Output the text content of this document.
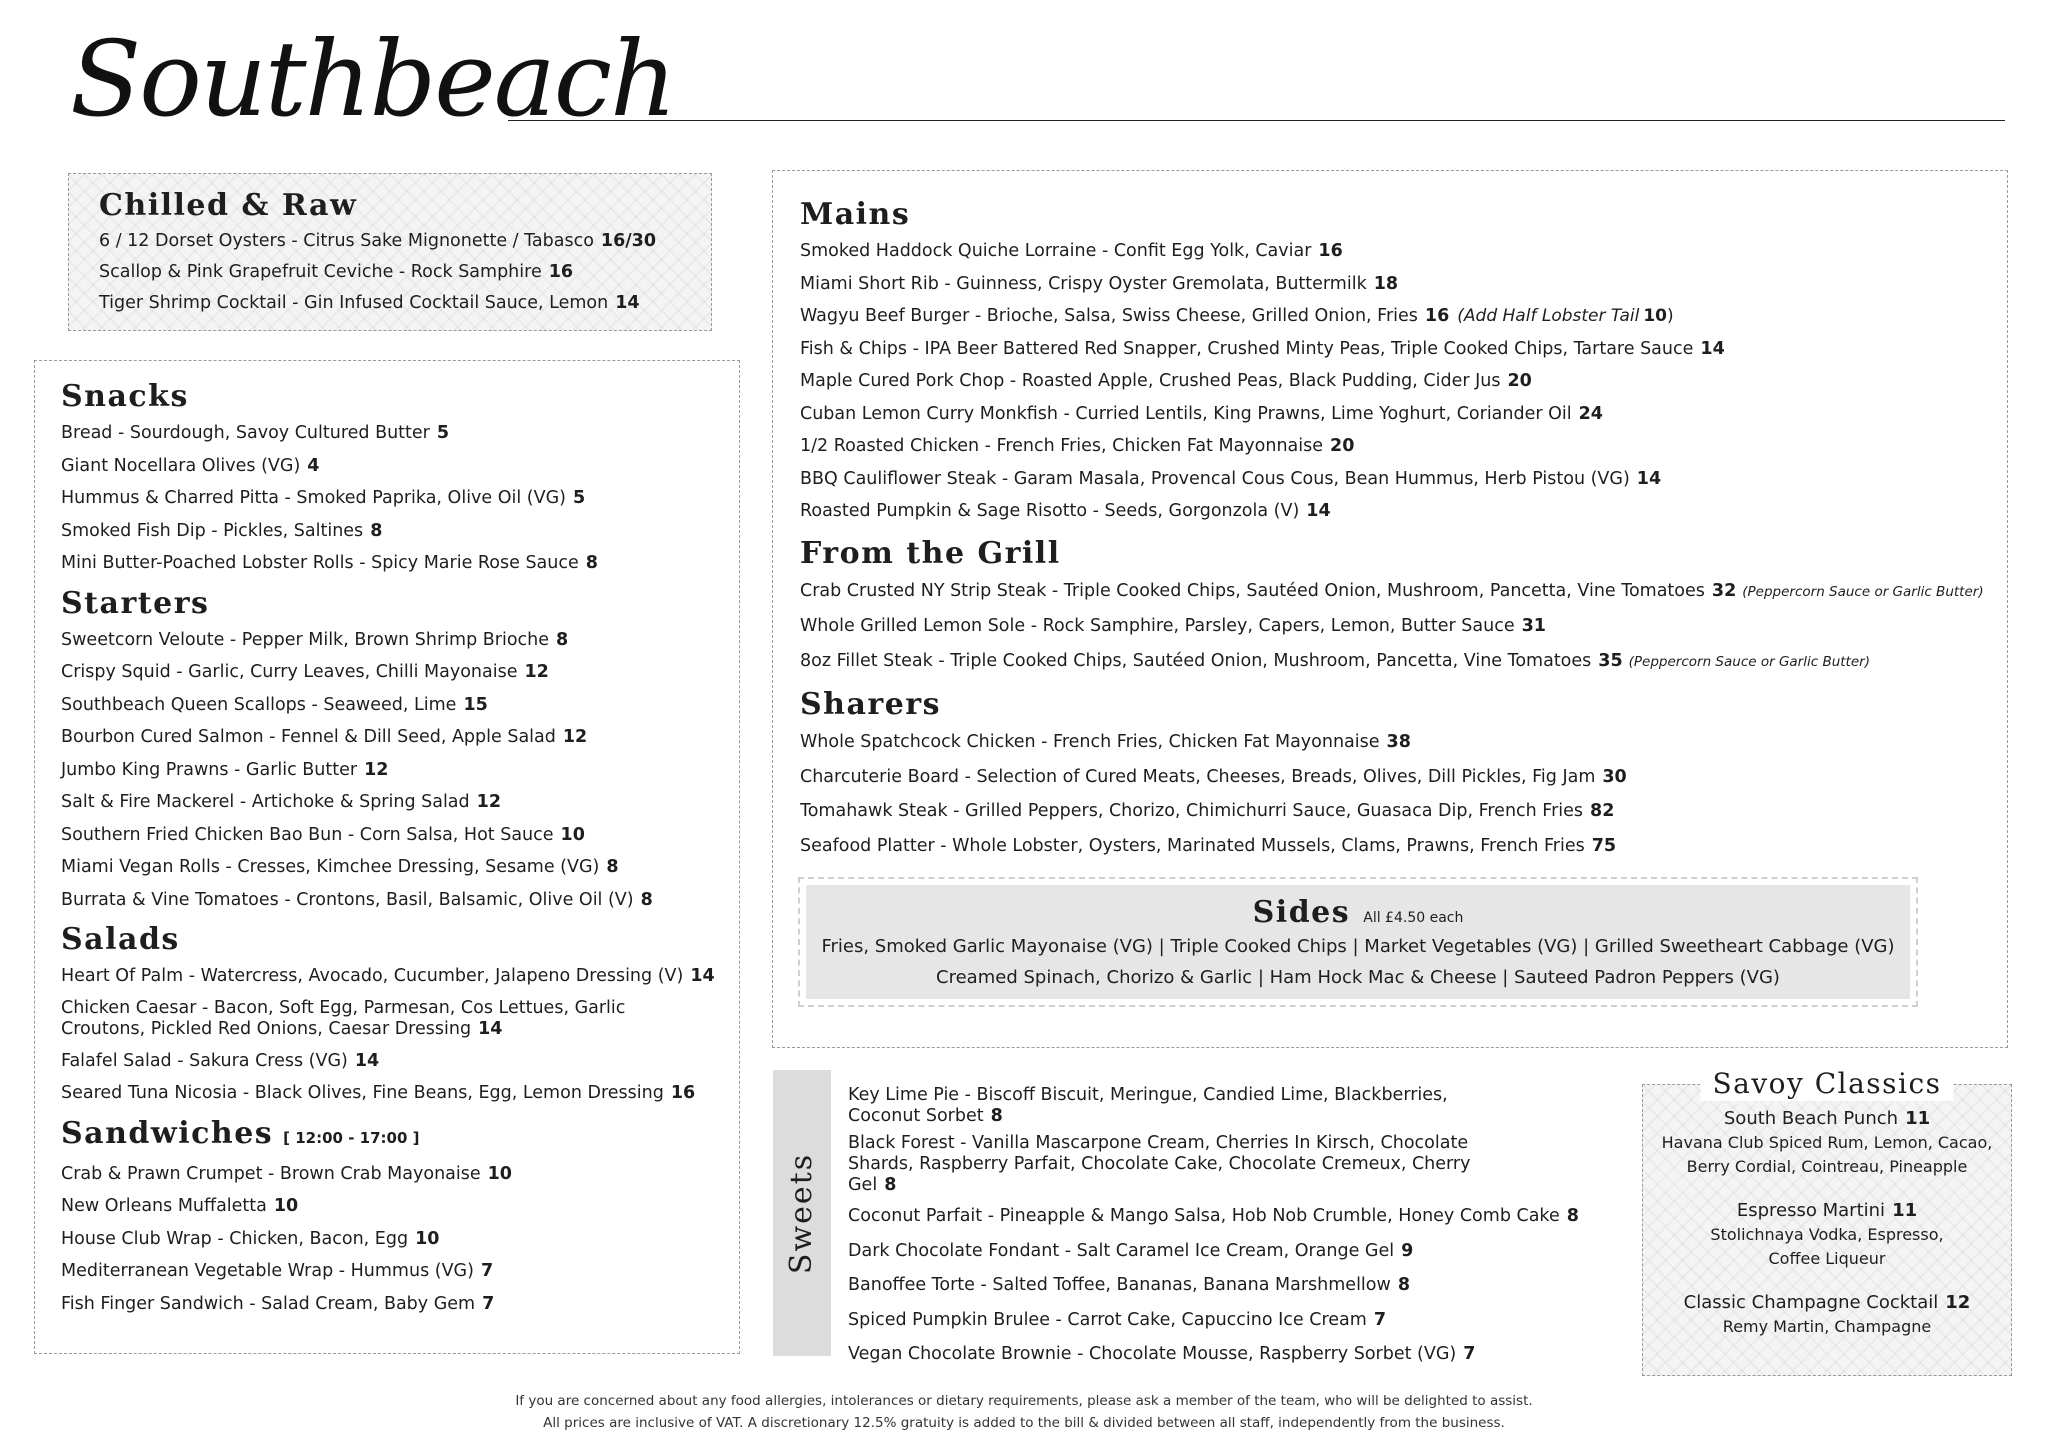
Southbeach
Chilled & Raw
6 / 12 Dorset Oysters - Citrus Sake Mignonette / Tabasco 16/30
Scallop & Pink Grapefruit Ceviche - Rock Samphire 16
Tiger Shrimp Cocktail - Gin Infused Cocktail Sauce, Lemon 14
Snacks
Bread - Sourdough, Savoy Cultured Butter 5
Giant Nocellara Olives (VG) 4
Hummus & Charred Pitta - Smoked Paprika, Olive Oil (VG) 5
Smoked Fish Dip - Pickles, Saltines 8
Mini Butter-Poached Lobster Rolls - Spicy Marie Rose Sauce 8
Starters
Sweetcorn Veloute - Pepper Milk, Brown Shrimp Brioche 8
Crispy Squid - Garlic, Curry Leaves, Chilli Mayonaise 12
Southbeach Queen Scallops - Seaweed, Lime 15
Bourbon Cured Salmon - Fennel & Dill Seed, Apple Salad 12
Jumbo King Prawns - Garlic Butter 12
Salt & Fire Mackerel - Artichoke & Spring Salad 12
Southern Fried Chicken Bao Bun - Corn Salsa, Hot Sauce 10
Miami Vegan Rolls - Cresses, Kimchee Dressing, Sesame (VG) 8
Burrata & Vine Tomatoes - Crontons, Basil, Balsamic, Olive Oil (V) 8
Salads
Heart Of Palm - Watercress, Avocado, Cucumber, Jalapeno Dressing (V) 14
Chicken Caesar - Bacon, Soft Egg, Parmesan, Cos Lettues, Garlic Croutons, Pickled Red Onions, Caesar Dressing 14
Falafel Salad - Sakura Cress (VG) 14
Seared Tuna Nicosia - Black Olives, Fine Beans, Egg, Lemon Dressing 16
Sandwiches [ 12:00 - 17:00 ]
Crab & Prawn Crumpet - Brown Crab Mayonaise 10
New Orleans Muffaletta 10
House Club Wrap - Chicken, Bacon, Egg 10
Mediterranean Vegetable Wrap - Hummus (VG) 7
Fish Finger Sandwich - Salad Cream, Baby Gem 7
Mains
Smoked Haddock Quiche Lorraine - Confit Egg Yolk, Caviar 16
Miami Short Rib - Guinness, Crispy Oyster Gremolata, Buttermilk 18
Wagyu Beef Burger - Brioche, Salsa, Swiss Cheese, Grilled Onion, Fries 16 (Add Half Lobster Tail 10)
Fish & Chips - IPA Beer Battered Red Snapper, Crushed Minty Peas, Triple Cooked Chips, Tartare Sauce 14
Maple Cured Pork Chop - Roasted Apple, Crushed Peas, Black Pudding, Cider Jus 20
Cuban Lemon Curry Monkfish - Curried Lentils, King Prawns, Lime Yoghurt, Coriander Oil 24
1/2 Roasted Chicken - French Fries, Chicken Fat Mayonnaise 20
BBQ Cauliflower Steak - Garam Masala, Provencal Cous Cous, Bean Hummus, Herb Pistou (VG) 14
Roasted Pumpkin & Sage Risotto - Seeds, Gorgonzola (V) 14
From the Grill
Crab Crusted NY Strip Steak - Triple Cooked Chips, Sautéed Onion, Mushroom, Pancetta, Vine Tomatoes 32 (Peppercorn Sauce or Garlic Butter)
Whole Grilled Lemon Sole - Rock Samphire, Parsley, Capers, Lemon, Butter Sauce 31
8oz Fillet Steak - Triple Cooked Chips, Sautéed Onion, Mushroom, Pancetta, Vine Tomatoes 35 (Peppercorn Sauce or Garlic Butter)
Sharers
Whole Spatchcock Chicken - French Fries, Chicken Fat Mayonnaise 38
Charcuterie Board - Selection of Cured Meats, Cheeses, Breads, Olives, Dill Pickles, Fig Jam 30
Tomahawk Steak - Grilled Peppers, Chorizo, Chimichurri Sauce, Guasaca Dip, French Fries 82
Seafood Platter - Whole Lobster, Oysters, Marinated Mussels, Clams, Prawns, French Fries 75
Sides All £4.50 each
Fries, Smoked Garlic Mayonaise (VG) | Triple Cooked Chips | Market Vegetables (VG) | Grilled Sweetheart Cabbage (VG)
Creamed Spinach, Chorizo & Garlic | Ham Hock Mac & Cheese | Sauteed Padron Peppers (VG)
Sweets
Key Lime Pie - Biscoff Biscuit, Meringue, Candied Lime, Blackberries, Coconut Sorbet 8
Black Forest - Vanilla Mascarpone Cream, Cherries In Kirsch, Chocolate Shards, Raspberry Parfait, Chocolate Cake, Chocolate Cremeux, Cherry Gel 8
Coconut Parfait - Pineapple & Mango Salsa, Hob Nob Crumble, Honey Comb Cake 8
Dark Chocolate Fondant - Salt Caramel Ice Cream, Orange Gel 9
Banoffee Torte - Salted Toffee, Bananas, Banana Marshmellow 8
Spiced Pumpkin Brulee - Carrot Cake, Capuccino Ice Cream 7
Vegan Chocolate Brownie - Chocolate Mousse, Raspberry Sorbet (VG) 7
Savoy Classics
South Beach Punch 11
Havana Club Spiced Rum, Lemon, Cacao,
Berry Cordial, Cointreau, Pineapple
Espresso Martini 11
Stolichnaya Vodka, Espresso,
Coffee Liqueur
Classic Champagne Cocktail 12
Remy Martin, Champagne
If you are concerned about any food allergies, intolerances or dietary requirements, please ask a member of the team, who will be delighted to assist.
All prices are inclusive of VAT. A discretionary 12.5% gratuity is added to the bill & divided between all staff, independently from the business.
